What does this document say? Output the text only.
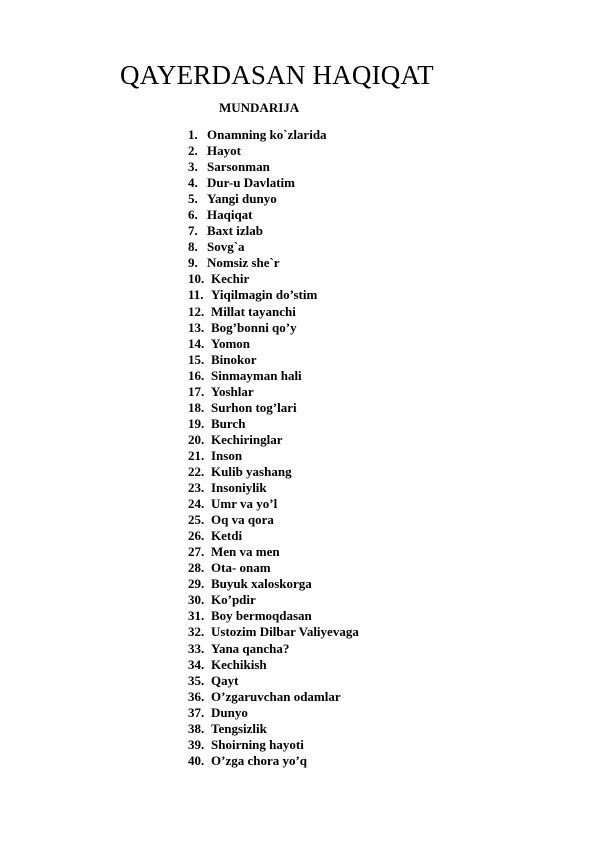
QAYERDASAN HAQIQAT
MUNDARIJA
1. Onamning ko`zlarida
2. Hayot
3. Sarsonman
4. Dur-u Davlatim
5. Yangi dunyo
6. Haqiqat
7. Baxt izlab
8. Sovg`a
9. Nomsiz she`r
10. Kechir
11. Yiqilmagin do’stim
12. Millat tayanchi
13. Bog’bonni qo’y
14. Yomon
15. Binokor
16. Sinmayman hali
17. Yoshlar
18. Surhon tog’lari
19. Burch
20. Kechiringlar
21. Inson
22. Kulib yashang
23. Insoniylik
24. Umr va yo’l
25. Oq va qora
26. Ketdi
27. Men va men
28. Ota- onam
29. Buyuk xaloskorga
30. Ko’pdir
31. Boy bermoqdasan
32. Ustozim Dilbar Valiyevaga
33. Yana qancha?
34. Kechikish
35. Qayt
36. O’zgaruvchan odamlar
37. Dunyo
38. Tengsizlik
39. Shoirning hayoti
40. O’zga chora yo’q
